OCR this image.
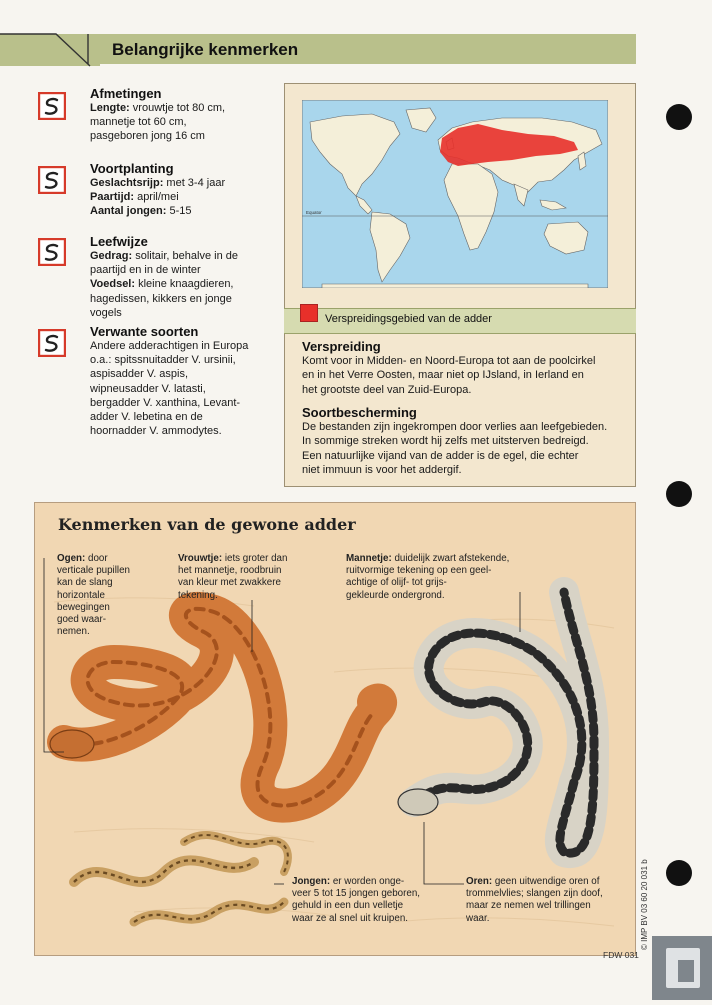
Belangrijke kenmerken
Afmetingen
Lengte: vrouwtje tot 80 cm,
mannetje tot 60 cm,
pasgeboren jong 16 cm
Voortplanting
Geslachtsrijp: met 3-4 jaar
Paartijd: april/mei
Aantal jongen: 5-15
Leefwijze
Gedrag: solitair, behalve in de
paartijd en in de winter
Voedsel: kleine knaagdieren,
hagedissen, kikkers en jonge
vogels
Verwante soorten
Andere adderachtigen in Europa
o.a.: spitssnuitadder V. ursinii,
aspisadder V. aspis,
wipneusadder V. latasti,
bergadder V. xanthina, Levant-
adder V. lebetina en de
hoornadder V. ammodytes.
Equator
Verspreidingsgebied van de adder
Verspreiding
Komt voor in Midden- en Noord-Europa tot aan de poolcirkel
en in het Verre Oosten, maar niet op IJsland, in Ierland en
het grootste deel van Zuid-Europa.
Soortbescherming
De bestanden zijn ingekrompen door verlies aan leefgebieden.
In sommige streken wordt hij zelfs met uitsterven bedreigd.
Een natuurlijke vijand van de adder is de egel, die echter
niet immuun is voor het addergif.
Kenmerken van de gewone adder
Ogen: door
verticale pupillen
kan de slang
horizontale
bewegingen
goed waar-
nemen.
Vrouwtje: iets groter dan
het mannetje, roodbruin
van kleur met zwakkere
tekening.
Mannetje: duidelijk zwart afstekende,
ruitvormige tekening op een geel-
achtige of olijf- tot grijs-
gekleurde ondergrond.
Jongen: er worden onge-
veer 5 tot 15 jongen geboren,
gehuld in een dun velletje
waar ze al snel uit kruipen.
Oren: geen uitwendige oren of
trommelvlies; slangen zijn doof,
maar ze nemen wel trillingen
waar.	© IMP BV 03 60 20 031 b
FDW 031
